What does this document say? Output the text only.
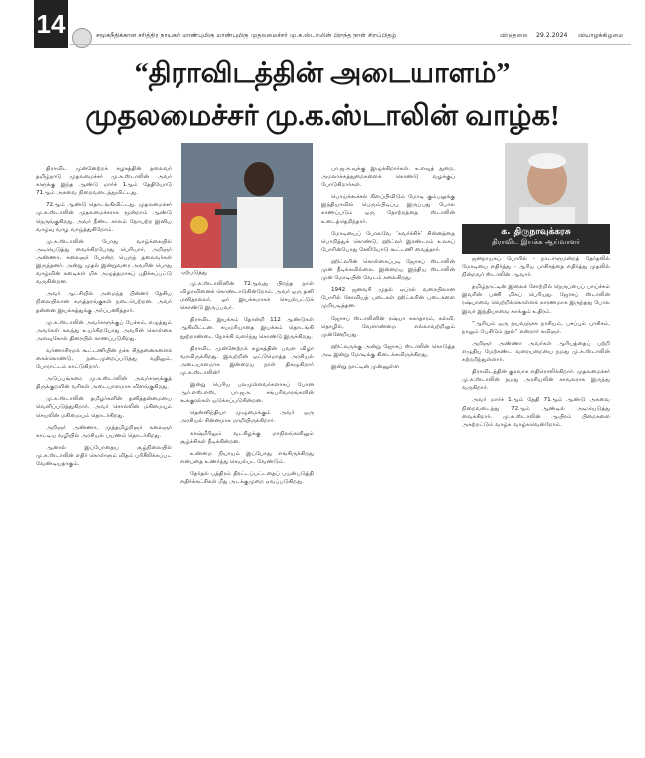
14	சமூகநீதிக்கான சரித்திர நாயகர் மாண்புமிகு மாண்புமிகு முதலமைச்சர் மு.க.ஸ்டாலின் பிறந்த நாள் சிறப்பிதழ்	விடுதலை 29.2.2024 வியாழக்கிழமை
“திராவிடத்தின் அடையாளம்”
முதலமைச்சர் மு.க.ஸ்டாலின் வாழ்க!
ஏற்படுத்து
க. திருநாவுக்கரசு
திராவிட இயக்க ஆய்வாளர்

திராவிட முன்னேற்றக் கழகத்தின் தலைவர் தமிழ்நாடு முதலமைச்சர் மு.க.ஸ்டாலின் அவர் களுக்கு இந்த ஆண்டு மார்ச் 1ஆம் தேதியோடு 71ஆம் அகவை நிறைவடைந்துவிட்டது.

72ஆம் ஆண்டு தொடங்கிவிட்டது. முதலமைச்சர் மு.க.ஸ்டாலின் முதலமைச்சராக மூன்றாம் ஆண்டு நெருங்குகிறது. அவர் நீண்ட காலம் நோயற்ற இனிய வாழ்வு வாழ வாழ்த்துகிறோம்.

மு.க.ஸ்டாலின் போது வாழ்க்கையில் அடியெடுத்து வைக்கிறபோது பெரியார், அறிஞர் அண்ணா, கலைஞர் போன்ற பெருந் தலைவர்கள் இருந்தனர். அன்று முதல் இன்றுவரை அவரின் பொது வாழ்வின் கடிைகள் மிக அழுத்தமாகப் பதிக்கப்பட்டு வருகின்றன.

அவர் ஆட்சியில் அமைந்த பின்னர் தேசிய நிலையிலான கருத்தரங்குகள் நடைபெற்றன. அவர் தன்னை இயக்கத்துக்கு அர்ப்பணித்தார்.

மு.க.ஸ்டாலின் அவர்களுக்குப் பேச்சும், எழுத்தும் அவர்கள் கலந்து உயர்கிறபோது அவரின் கொள்கை அளவுகோல் திரையில் காணப்படுகிறது.

வர்ணாசிரமக் கூட்டணியின் நச்சு சிந்தனைகளைக் கைக்கொண்டு, நடைமுறைப்படுத்து வதிலும், போராட்டம் காட்டுகிறார்.

அடுப்பங்கரை மு.க.ஸ்டாலின் அவர்களுக்குத் திருக்குறளின் வரிகள் அடையாளமாக விளங்குகிறது.

மு.க.ஸ்டாலின் தமிழர்களின் தனித்தன்மையை வெளிப்படுத்துகிறார். அவர் சொல்லின் மகிமையும் செயலின் மகிமையும் தொடர்கிறது.

அறிஞர் அண்ணா, முத்தமிழறிஞர் கலைஞர் காட்டிய வழியில் அரசியல் பயணம் தொடர்கிறது.

ஆனால் இப்போதைய சூழ்நிலையில் மு.க.ஸ்டாலின் எதிர் கொள்ளும் விதம் பரிசீலிக்கப்பட வேண்டியதாகும்.

மு.க.ஸ்டாலினின் 72ஆவது பிறந்த நாள் விழாவினைக் கொண்டாடுகின்றோம். அவர் ஒரு தனி மனிதரல்லர், ஓர் இயக்கமாகச் செயல்பட்டுக் கொண்டு இருப்பவர்.

திராவிட இயக்கம் தோன்றி 112 ஆண்டுகள் ஆகிவிட்டன. சுயமரியாதை இயக்கம் தொடங்கி நூற்றாண்டை நோக்கி வளர்ந்து கொண்டு இருக்கிறது.

திராவிட முன்னேற்றக் கழகத்தின் பவள விழா வரவிருக்கிறது. இவற்றின் ஒட்டுமொத்த அரசியல் அடையாளமாக இன்றைய நாள் திகழுகிறார் மு.க.ஸ்டாலின்!

இன்று பெரிய பலமுள்ளவர்களாகப் போன ஆர்.எஸ்.எஸ், பா.ஜ.க. சங்பரிவாரங்களின் கூக்குரல்கள் ஒடுக்கப்படுகின்றன.

தென்னிந்தியா முழுமைக்கும் அவர் ஒரு அரசியல் சின்னமாக மாறியிருக்கிறார்.

காஷ்மீரிலும் வடகிழக்கு மாநிலங்களிலும் சூழ்ச்சிகள் நீடிக்கின்றன.

உண்மை நியாயம் இப்போது எங்கிருக்கிறது என்பதை உணர்ந்து செயல்பட வேண்டும்.

தேர்தல் பத்திரம் திரட்டப்பட்டதைப் பயன்படுத்தி எதிர்க்கட்சிகள் மீது அடக்குமுறை ஏவப்படுகிறது.

பா.ஜ.க.வுக்கு இழுக்கிறார்கள். உளவுத் துறை, அமலாக்கத்துறைகளைக் கொண்டு வழக்குப் போடுகிறார்கள்.

பொய்க்கூச்சல் கிளப்பிவிடும் மோடி கும்பலுக்கு இந்தியாவில் பெரும்பிடிப்பு இருப்பது போல காணப்படும் ஒரு தோற்றத்தை ஸ்டாலின் உடைத்தெறிந்தார்.

மோடியைப் போலவே ‘கவர்ச்சிச்’ சின்னத்தை பொறித்துக் கொண்டு, ஹிட்லர் இரண்டாம் உலகப் போரின்போது சேலியோடு கூட்டணி வைத்தார்.

ஹிட்லரின் கொள்கைப்படி ஜோசப் ஸ்டாலின் முன் நீடிக்கவில்லை. இன்றைய இந்திய ஸ்டாலின் முன் மோடியின் வேடம் கலைகிறது.

1942 ஜனவரி முதல் ஏப்ரல் வரையிலான போரில் சோவியத் படைகள் ஹிட்லரின் படைகளை முறியடித்தன.

ஜோசப் ஸ்டாலினின் ரஷ்யா சுகாதாரம், கல்வி, தொழில், வேளாண்மை எல்லாவற்றிலும் முன்னேறியது.

ஹிட்லருக்கு அன்று ஜோசப் ஸ்டாலின் கொடுத்த அடி இன்று மோடிக்கு கிடைக்கவிருக்கிறது.

இன்று நாட்டின் முன்னுள்ள

ஜனநாயகப் போரில் - நாடாளுமன்றத் தேர்தலில் மோடியை எதிர்த்து - ஆரிய பாசிசத்தை எதிர்த்து முதலில் நின்றவர் ஸ்டாலின் ஆவார்.

தமிழ்நாட்டின் இலைச் சோற்றில் நெருப்பைப் பாய்ச்சும் இவரின் பணி மிகப் பெரியது. ஜோசப் ஸ்டாலின் ரஷ்யாவை வெற்றிக்கொள்ளக் காரணமாக இருந்தது போல இவர் இந்தியாவை காக்கும் உதிரம்.

“ஆரியம் ஒரு நயவஞ்சக நாசியம், பசப்பும் பாசிசம், நாலும் பேசிடும் நூல்” என்றார் கவிஞர்.

அறிஞர் அண்ணா அவர்கள் ஆரியத்தைப் பற்றி எழுதிய மேற்கண்ட வரையறையை நமது மு.க.ஸ்டாலின் கற்றறிந்துள்ளார்.

திராவிடத்தின் குரவாக எதிரொலிக்கிறார். முதலமைச்சர் மு.க.ஸ்டாலின் நமது அரசியலின் காவலராக இருந்து வருகிறார்.

அவர் மார்ச் 1ஆம் தேதி 71ஆம் ஆண்டு அகவை நிறைவடைந்து 72ஆம் ஆண்டில் அடியெடுத்து வைக்கிறார். மு.க.ஸ்டாலின் ஆயிரம் பிறைகளை அகற்றட்டும் வாழ்க வாழ்கவென்றோம்.
